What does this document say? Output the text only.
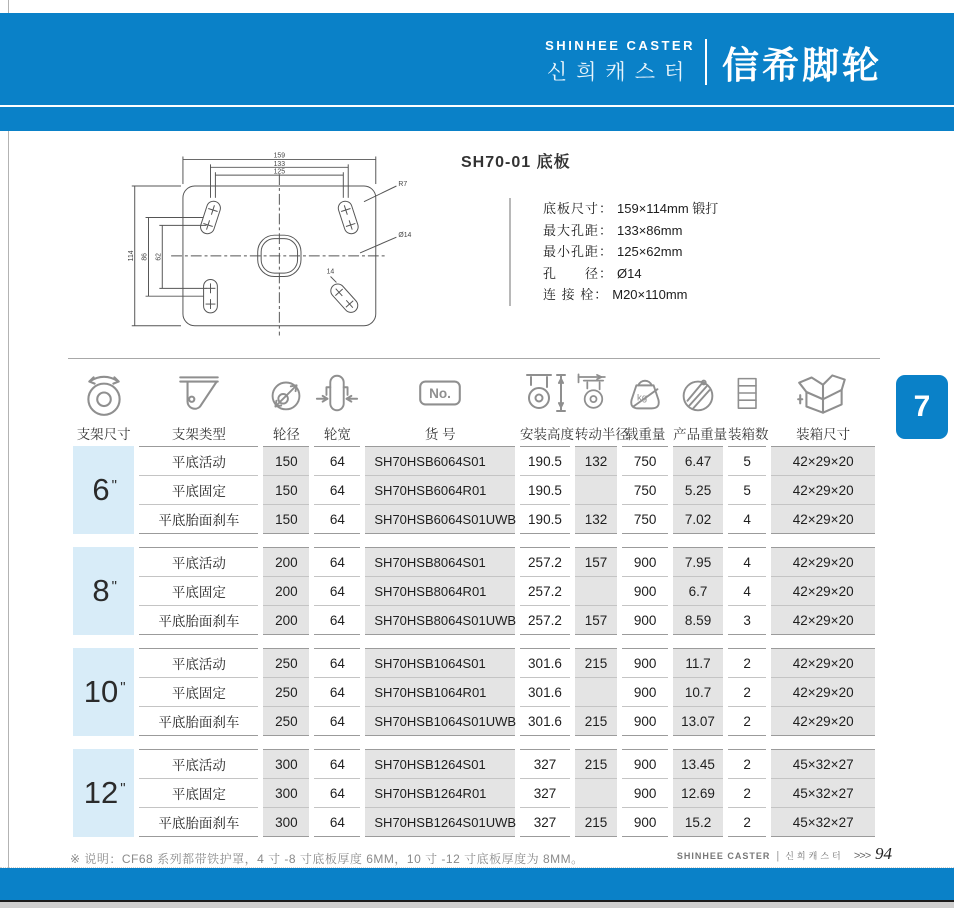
SHINHEE CASTER
신희캐스터 信希脚轮
159
133
125
114 86 62
R7
Ø14
14
SH70-01 底板
底板尺寸： 159×114mm 锻打
最大孔距： 133×86mm
最小孔距： 125×62mm
孔　　径： Ø14
连 接 栓： M20×110mm
支架尺寸	支架类型	轮径	轮宽

No.
货 号	安装高度	转动半径

kg
载重量	产品重量	装箱数	装箱尺寸

6 "	平底活动	150	64	SH70HSB6064S01	190.5	132	750	6.47	5	42×29×20
	平底固定	150	64	SH70HSB6064R01	190.5		750	5.25	5	42×29×20
	平底胎面刹车	150	64	SH70HSB6064S01UWB	190.5	132	750	7.02	4	42×29×20

8 "	平底活动	200	64	SH70HSB8064S01	257.2	157	900	7.95	4	42×29×20
	平底固定	200	64	SH70HSB8064R01	257.2		900	6.7	4	42×29×20
	平底胎面刹车	200	64	SH70HSB8064S01UWB	257.2	157	900	8.59	3	42×29×20

10 "	平底活动	250	64	SH70HSB1064S01	301.6	215	900	11.7	2	42×29×20
	平底固定	250	64	SH70HSB1064R01	301.6		900	10.7	2	42×29×20
	平底胎面刹车	250	64	SH70HSB1064S01UWB	301.6	215	900	13.07	2	42×29×20

12 "	平底活动	300	64	SH70HSB1264S01	327	215	900	13.45	2	45×32×27
	平底固定	300	64	SH70HSB1264R01	327		900	12.69	2	45×32×27
	平底胎面刹车	300	64	SH70HSB1264S01UWB	327	215	900	15.2	2	45×32×27
※ 说明：CF68 系列都带铁护罩，4 寸 -8 寸底板厚度 6MM，10 寸 -12 寸底板厚度为 8MM。
7
SHINHEE CASTER | 신희캐스터 >>> 94
